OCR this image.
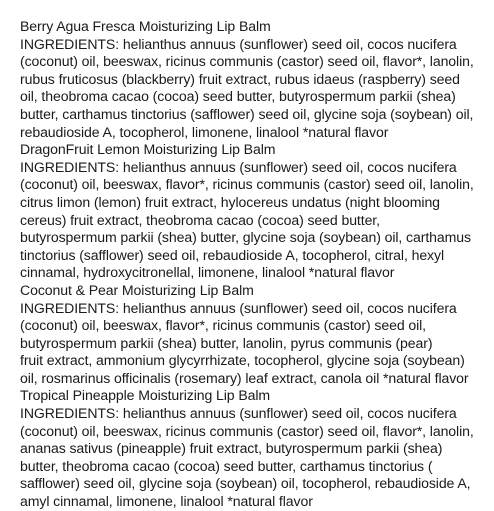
Berry Agua Fresca Moisturizing Lip Balm
INGREDIENTS: helianthus annuus (sunflower) seed oil, cocos nucifera
(coconut) oil, beeswax, ricinus communis (castor) seed oil, flavor*, lanolin,
rubus fruticosus (blackberry) fruit extract, rubus idaeus (raspberry) seed
oil, theobroma cacao (cocoa) seed butter, butyrospermum parkii (shea)
butter, carthamus tinctorius (safflower) seed oil, glycine soja (soybean) oil,
rebaudioside A, tocopherol, limonene, linalool *natural flavor
DragonFruit Lemon Moisturizing Lip Balm
INGREDIENTS: helianthus annuus (sunflower) seed oil, cocos nucifera
(coconut) oil, beeswax, flavor*, ricinus communis (castor) seed oil, lanolin,
citrus limon (lemon) fruit extract, hylocereus undatus (night blooming
cereus) fruit extract, theobroma cacao (cocoa) seed butter,
butyrospermum parkii (shea) butter, glycine soja (soybean) oil, carthamus
tinctorius (safflower) seed oil, rebaudioside A, tocopherol, citral, hexyl
cinnamal, hydroxycitronellal, limonene, linalool *natural flavor
Coconut & Pear Moisturizing Lip Balm
INGREDIENTS: helianthus annuus (sunflower) seed oil, cocos nucifera
(coconut) oil, beeswax, flavor*, ricinus communis (castor) seed oil,
butyrospermum parkii (shea) butter, lanolin, pyrus communis (pear)
fruit extract, ammonium glycyrrhizate, tocopherol, glycine soja (soybean)
oil, rosmarinus officinalis (rosemary) leaf extract, canola oil *natural flavor
Tropical Pineapple Moisturizing Lip Balm
INGREDIENTS: helianthus annuus (sunflower) seed oil, cocos nucifera
(coconut) oil, beeswax, ricinus communis (castor) seed oil, flavor*, lanolin,
ananas sativus (pineapple) fruit extract, butyrospermum parkii (shea)
butter, theobroma cacao (cocoa) seed butter, carthamus tinctorius (
safflower) seed oil, glycine soja (soybean) oil, tocopherol, rebaudioside A,
amyl cinnamal, limonene, linalool *natural flavor
